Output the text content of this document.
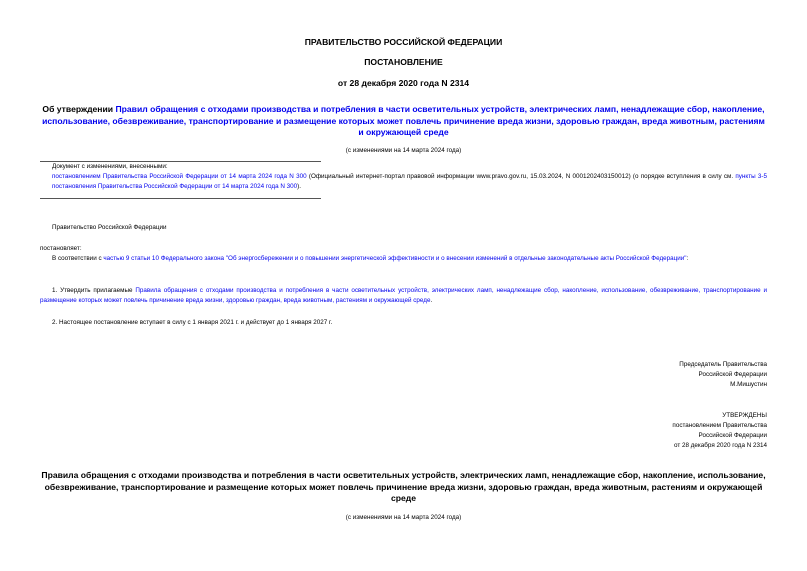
ПРАВИТЕЛЬСТВО РОССИЙСКОЙ ФЕДЕРАЦИИ
ПОСТАНОВЛЕНИЕ
от 28 декабря 2020 года N 2314
Об утверждении Правил обращения с отходами производства и потребления в части осветительных устройств, электрических ламп, ненадлежащие сбор, накопление, использование, обезвреживание, транспортирование и размещение которых может повлечь причинение вреда жизни, здоровью граждан, вреда животным, растениям и окружающей среде
(с изменениями на 14 марта 2024 года)
Документ с изменениями, внесенными:
постановлением Правительства Российской Федерации от 14 марта 2024 года N 300 (Официальный интернет-портал правовой информации www.pravo.gov.ru, 15.03.2024, N 0001202403150012) (о порядке вступления в силу см. пункты 3-5 постановления Правительства Российской Федерации от 14 марта 2024 года N 300).
Правительство Российской Федерации
постановляет:
В соответствии с частью 9 статьи 10 Федерального закона "Об энергосбережении и о повышении энергетической эффективности и о внесении изменений в отдельные законодательные акты Российской Федерации":
1. Утвердить прилагаемые Правила обращения с отходами производства и потребления в части осветительных устройств, электрических ламп, ненадлежащие сбор, накопление, использование, обезвреживание, транспортирование и размещение которых может повлечь причинение вреда жизни, здоровью граждан, вреда животным, растениям и окружающей среде.
2. Настоящее постановление вступает в силу с 1 января 2021 г. и действует до 1 января 2027 г.
Председатель Правительства
Российской Федерации
М.Мишустин
УТВЕРЖДЕНЫ
постановлением Правительства
Российской Федерации
от 28 декабря 2020 года N 2314
Правила обращения с отходами производства и потребления в части осветительных устройств, электрических ламп, ненадлежащие сбор, накопление, использование, обезвреживание, транспортирование и размещение которых может повлечь причинение вреда жизни, здоровью граждан, вреда животным, растениям и окружающей среде
(с изменениями на 14 марта 2024 года)
